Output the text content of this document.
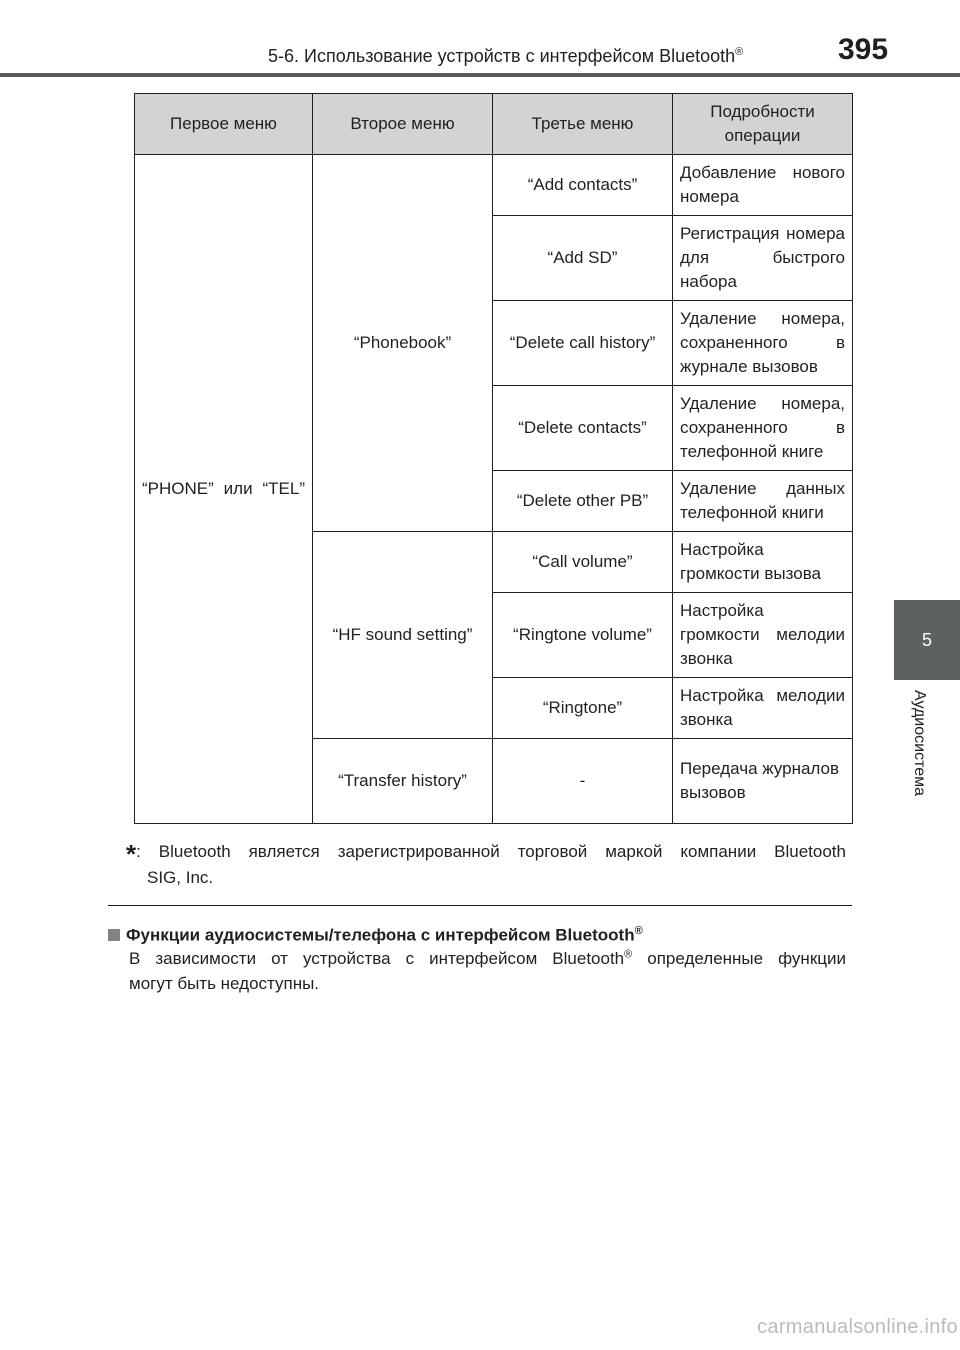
5-6. Использование устройств с интерфейсом Bluetooth®	395
5
Аудиосистема
Первое меню	Второе меню	Третье меню	Подробности операции
“PHONE” или “TEL”	“Phonebook”	“Add contacts”	Добавление нового номера
		“Add SD”	Регистрация номера для быстрого набора
		“Delete call history”	Удаление номера, сохраненного в журнале вызовов
		“Delete contacts”	Удаление номера, сохраненного в телефонной книге
		“Delete other PB”	Удаление данных телефонной книги
	“HF sound setting”	“Call volume”	Настройка громкости вызова
		“Ringtone volume”	Настройка громкости мелодии звонка
		“Ringtone”	Настройка мелодии звонка
	“Transfer history”	-	Передача журналов вызовов
*: Bluetooth является зарегистрированной торговой маркой компании Bluetooth
SIG, Inc.
Функции аудиосистемы/телефона с интерфейсом Bluetooth®
В зависимости от устройства с интерфейсом Bluetooth® определенные функции
могут быть недоступны.
carmanualsonline.info
